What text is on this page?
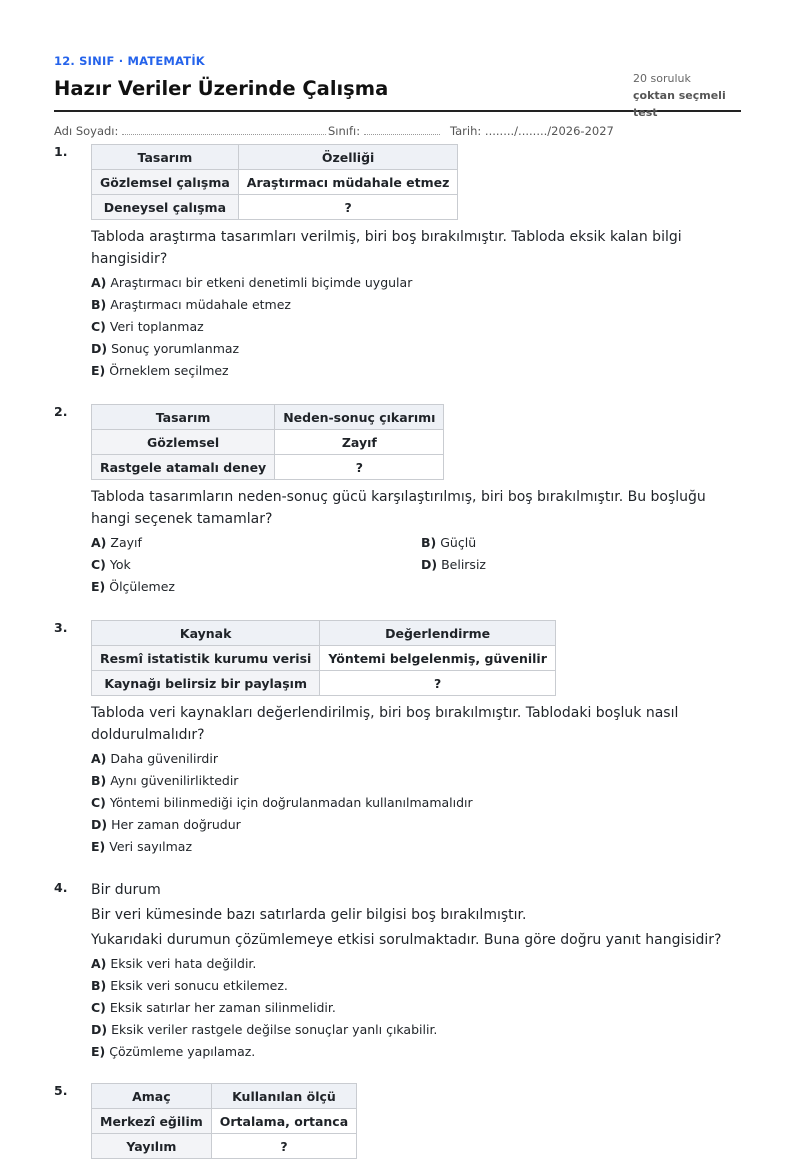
12. SINIF · MATEMATİK
Hazır Veriler Üzerinde Çalışma	20 soruluk
çoktan seçmeli test
Adı Soyadı:	Sınıfı:	Tarih: ......../......../2026-2027
1.	Tasarım	Özelliği
Gözlemsel çalışma	Araştırmacı müdahale etmez
Deneysel çalışma	?
Tabloda araştırma tasarımları verilmiş, biri boş bırakılmıştır. Tabloda eksik kalan bilgi hangisidir?
A) Araştırmacı bir etkeni denetimli biçimde uygular
B) Araştırmacı müdahale etmez
C) Veri toplanmaz
D) Sonuç yorumlanmaz
E) Örneklem seçilmez
2.	Tasarım	Neden-sonuç çıkarımı
Gözlemsel	Zayıf
Rastgele atamalı deney	?
Tabloda tasarımların neden-sonuç gücü karşılaştırılmış, biri boş bırakılmıştır. Bu boşluğu hangi seçenek tamamlar?
A) Zayıf	B) Güçlü
C) Yok	D) Belirsiz
E) Ölçülemez
3.	Kaynak	Değerlendirme
Resmî istatistik kurumu verisi	Yöntemi belgelenmiş, güvenilir
Kaynağı belirsiz bir paylaşım	?
Tabloda veri kaynakları değerlendirilmiş, biri boş bırakılmıştır. Tablodaki boşluk nasıl doldurulmalıdır?
A) Daha güvenilirdir
B) Aynı güvenilirliktedir
C) Yöntemi bilinmediği için doğrulanmadan kullanılmamalıdır
D) Her zaman doğrudur
E) Veri sayılmaz
4. Bir durum
Bir veri kümesinde bazı satırlarda gelir bilgisi boş bırakılmıştır.
Yukarıdaki durumun çözümlemeye etkisi sorulmaktadır. Buna göre doğru yanıt hangisidir?
A) Eksik veri hata değildir.
B) Eksik veri sonucu etkilemez.
C) Eksik satırlar her zaman silinmelidir.
D) Eksik veriler rastgele değilse sonuçlar yanlı çıkabilir.
E) Çözümleme yapılamaz.
5.	Amaç	Kullanılan ölçü
Merkezî eğilim	Ortalama, ortanca
Yayılım	?
